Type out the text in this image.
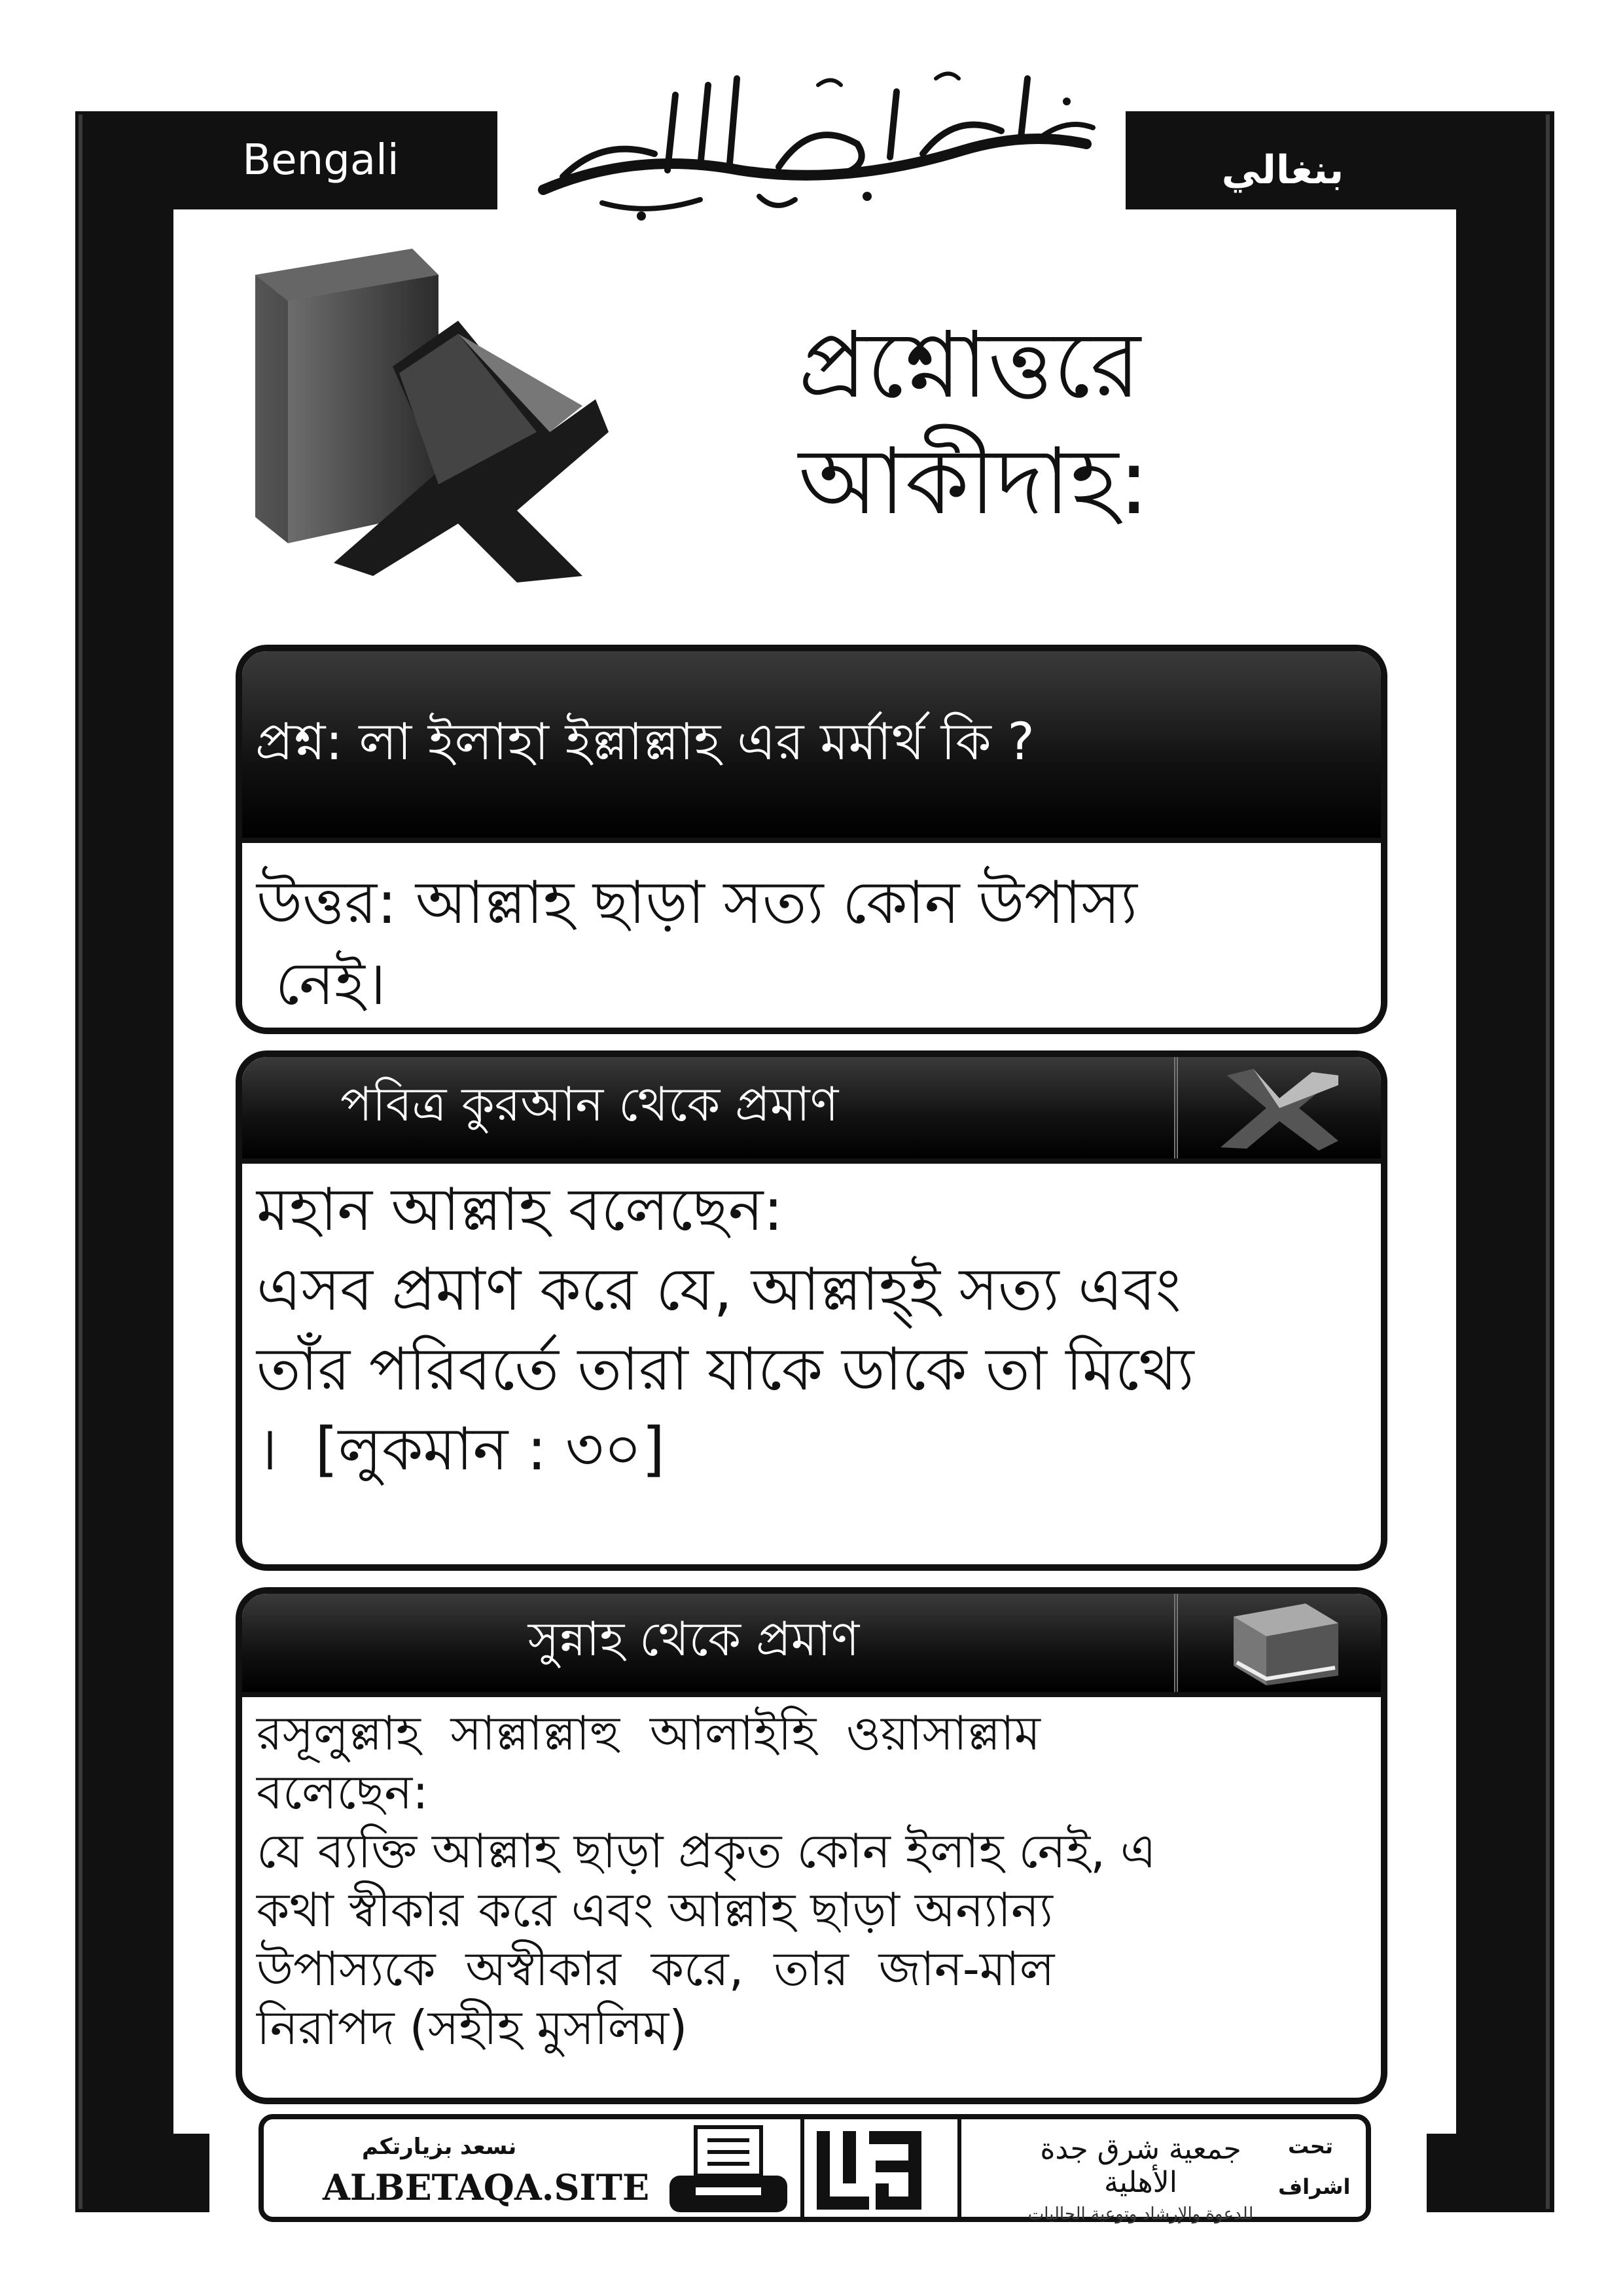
Bengali	بنغالي
প্রশ্নোত্তরে
আকীদাহ:
প্রশ্ন: লা ইলাহা ইল্লাল্লাহ এর মর্মার্থ কি ?
উত্তর: আল্লাহ ছাড়া সত্য কোন উপাস্য
নেই।
পবিত্র কুরআন থেকে প্রমাণ
মহান আল্লাহ বলেছেন:
এসব প্রমাণ করে যে, আল্লাহ্ই সত্য এবং
তাঁর পরিবর্তে তারা যাকে ডাকে তা মিথ্যে
।  [লুকমান : ৩০]
সুন্নাহ থেকে প্রমাণ
রসূলুল্লাহ  সাল্লাল্লাহু  আলাইহি  ওয়াসাল্লাম
বলেছেন:
যে ব্যক্তি আল্লাহ ছাড়া প্রকৃত কোন ইলাহ নেই, এ
কথা স্বীকার করে এবং আল্লাহ ছাড়া অন্যান্য
উপাস্যকে  অস্বীকার  করে,  তার  জান-মাল
নিরাপদ (সহীহ মুসলিম)
نسعد بزيارتكم
ALBETAQA.SITE
دعوة الورقة
جمعية شرق جدة الأهلية
للدعوة والإرشاد وتوعية الجاليات
تحت
اشراف
